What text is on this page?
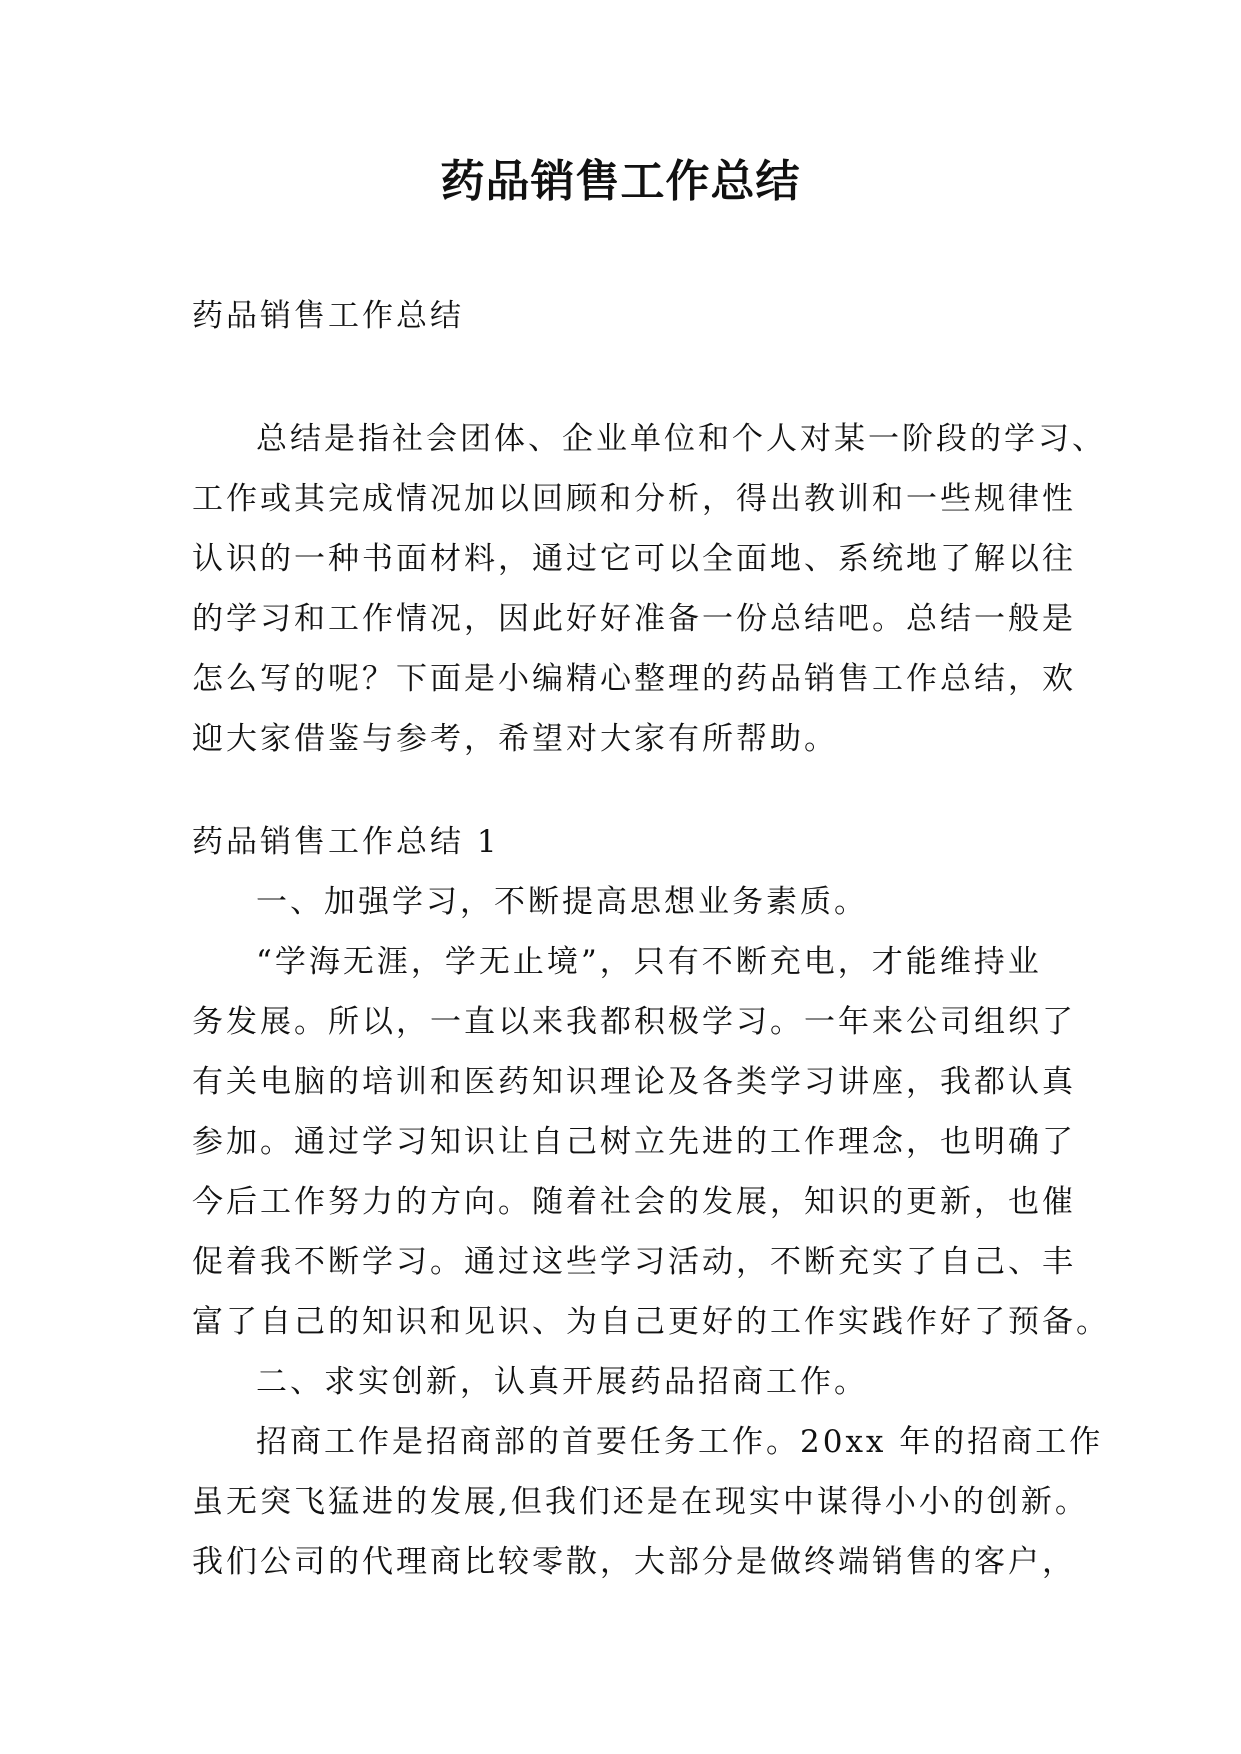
药品销售工作总结

药品销售工作总结

总结是指社会团体、企业单位和个人对某一阶段的学习、

工作或其完成情况加以回顾和分析，得出教训和一些规律性

认识的一种书面材料，通过它可以全面地、系统地了解以往

的学习和工作情况，因此好好准备一份总结吧。总结一般是

怎么写的呢？下面是小编精心整理的药品销售工作总结，欢

迎大家借鉴与参考，希望对大家有所帮助。

药品销售工作总结 1

一、加强学习，不断提高思想业务素质。

“学海无涯，学无止境”，只有不断充电，才能维持业

务发展。所以，一直以来我都积极学习。一年来公司组织了

有关电脑的培训和医药知识理论及各类学习讲座，我都认真

参加。通过学习知识让自己树立先进的工作理念，也明确了

今后工作努力的方向。随着社会的发展，知识的更新，也催

促着我不断学习。通过这些学习活动，不断充实了自己、丰

富了自己的知识和见识、为自己更好的工作实践作好了预备。

二、求实创新，认真开展药品招商工作。

招商工作是招商部的首要任务工作。20xx 年的招商工作

虽无突飞猛进的发展,但我们还是在现实中谋得小小的创新。

我们公司的代理商比较零散，大部分是做终端销售的客户，
